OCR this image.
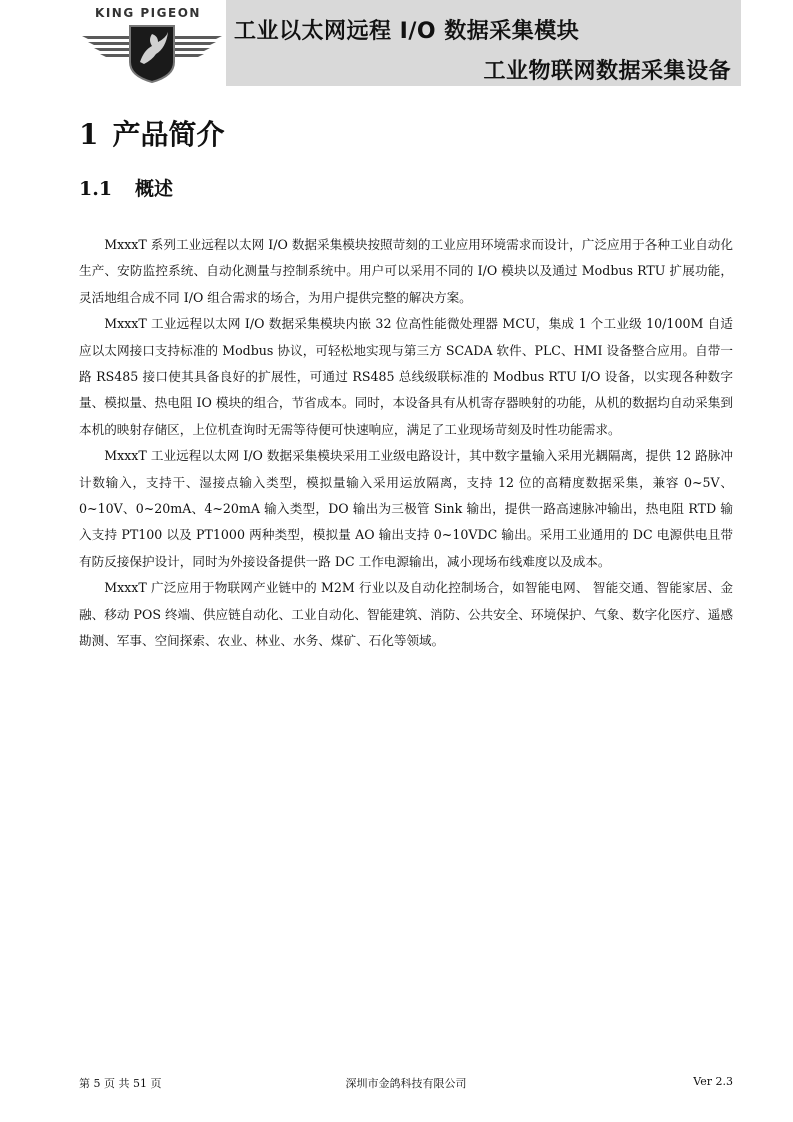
KING PIGEON
工业以太网远程 I/O 数据采集模块
工业物联网数据采集设备
1 产品简介
1.1 概述

MxxxT 系列工业远程以太网 I/O 数据采集模块按照苛刻的工业应用环境需求而设计，广泛应用于各种工业自动化生产、安防监控系统、自动化测量与控制系统中。用户可以采用不同的 I/O 模块以及通过 Modbus RTU 扩展功能，灵活地组合成不同 I/O 组合需求的场合，为用户提供完整的解决方案。

MxxxT 工业远程以太网 I/O 数据采集模块内嵌 32 位高性能微处理器 MCU，集成 1 个工业级 10/100M 自适应以太网接口支持标准的 Modbus 协议，可轻松地实现与第三方 SCADA 软件、PLC、HMI 设备整合应用。自带一路 RS485 接口使其具备良好的扩展性，可通过 RS485 总线级联标准的 Modbus RTU I/O 设备，以实现各种数字量、模拟量、热电阻 IO 模块的组合，节省成本。同时，本设备具有从机寄存器映射的功能，从机的数据均自动采集到本机的映射存储区，上位机查询时无需等待便可快速响应，满足了工业现场苛刻及时性功能需求。

MxxxT 工业远程以太网 I/O 数据采集模块采用工业级电路设计，其中数字量输入采用光耦隔离，提供 12 路脉冲计数输入，支持干、湿接点输入类型，模拟量输入采用运放隔离，支持 12 位的高精度数据采集，兼容 0~5V、0~10V、0~20mA、4~20mA 输入类型，DO 输出为三极管 Sink 输出，提供一路高速脉冲输出，热电阻 RTD 输入支持 PT100 以及 PT1000 两种类型，模拟量 AO 输出支持 0~10VDC 输出。采用工业通用的 DC 电源供电且带有防反接保护设计，同时为外接设备提供一路 DC 工作电源输出，减小现场布线难度以及成本。

MxxxT 广泛应用于物联网产业链中的 M2M 行业以及自动化控制场合，如智能电网、 智能交通、智能家居、金融、移动 POS 终端、供应链自动化、工业自动化、智能建筑、消防、公共安全、环境保护、气象、数字化医疗、遥感勘测、军事、空间探索、农业、林业、水务、煤矿、石化等领域。

第 5 页 共 51 页	深圳市金鸽科技有限公司	Ver 2.3
